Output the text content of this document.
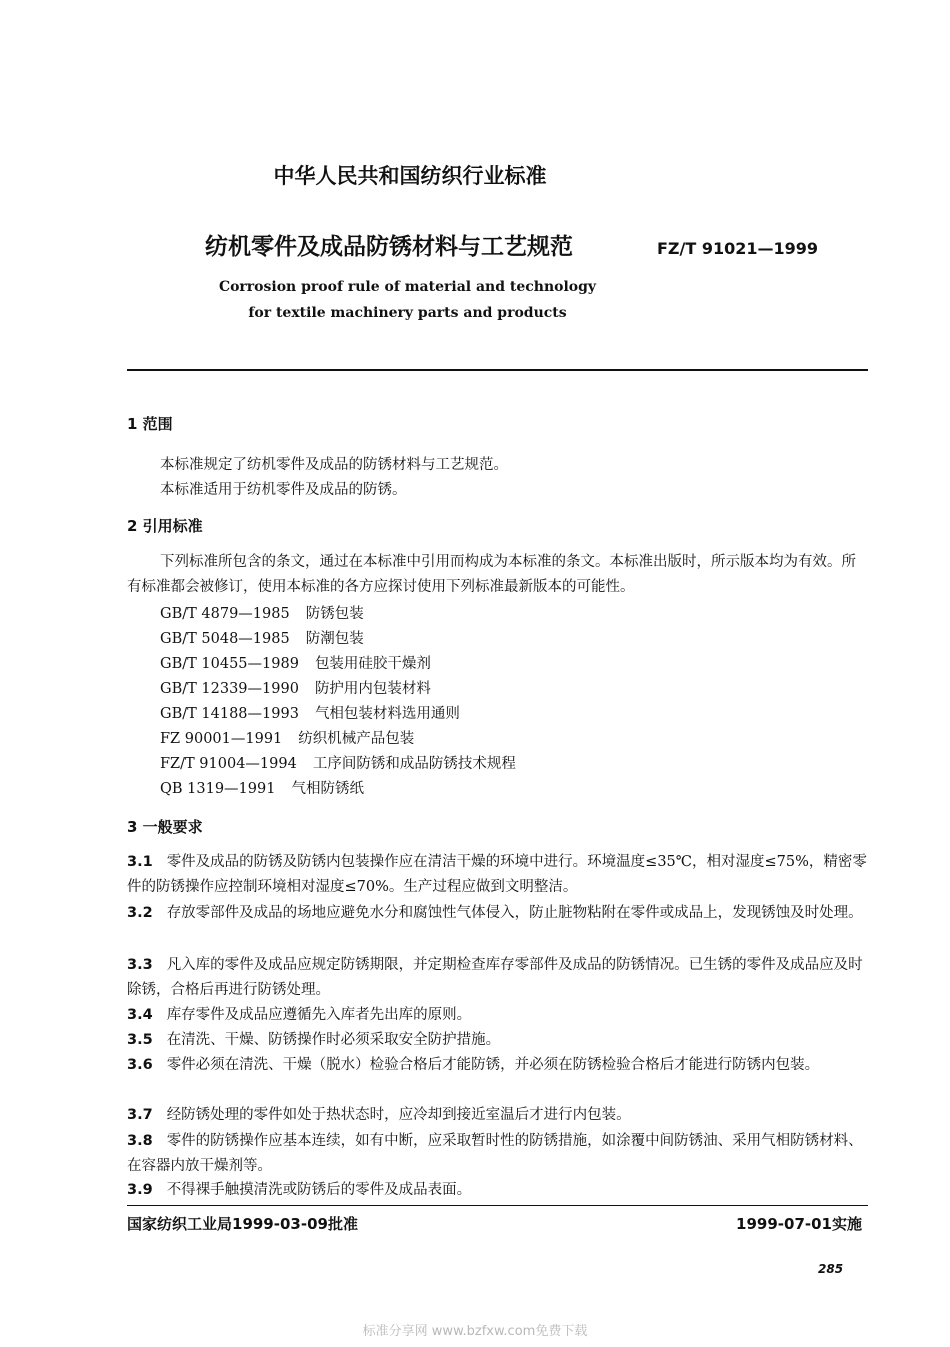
中华人民共和国纺织行业标准
纺机零件及成品防锈材料与工艺规范	FZ/T 91021—1999
Corrosion proof rule of material and technology
for textile machinery parts and products
1 范围
本标准规定了纺机零件及成品的防锈材料与工艺规范。
本标准适用于纺机零件及成品的防锈。
2 引用标准
下列标准所包含的条文，通过在本标准中引用而构成为本标准的条文。本标准出版时，所示版本均为有效。所有标准都会被修订，使用本标准的各方应探讨使用下列标准最新版本的可能性。
GB/T 4879—1985 防锈包装
GB/T 5048—1985 防潮包装
GB/T 10455—1989 包装用硅胶干燥剂
GB/T 12339—1990 防护用内包装材料
GB/T 14188—1993 气相包装材料选用通则
FZ 90001—1991 纺织机械产品包装
FZ/T 91004—1994 工序间防锈和成品防锈技术规程
QB 1319—1991 气相防锈纸
3 一般要求
3.1 零件及成品的防锈及防锈内包装操作应在清洁干燥的环境中进行。环境温度≤35℃，相对湿度≤75%，精密零件的防锈操作应控制环境相对湿度≤70%。生产过程应做到文明整洁。
3.2 存放零部件及成品的场地应避免水分和腐蚀性气体侵入，防止脏物粘附在零件或成品上，发现锈蚀及时处理。
3.3 凡入库的零件及成品应规定防锈期限，并定期检查库存零部件及成品的防锈情况。已生锈的零件及成品应及时除锈，合格后再进行防锈处理。
3.4 库存零件及成品应遵循先入库者先出库的原则。
3.5 在清洗、干燥、防锈操作时必须采取安全防护措施。
3.6 零件必须在清洗、干燥（脱水）检验合格后才能防锈，并必须在防锈检验合格后才能进行防锈内包装。
3.7 经防锈处理的零件如处于热状态时，应冷却到接近室温后才进行内包装。
3.8 零件的防锈操作应基本连续，如有中断，应采取暂时性的防锈措施，如涂覆中间防锈油、采用气相防锈材料、在容器内放干燥剂等。
3.9 不得裸手触摸清洗或防锈后的零件及成品表面。
国家纺织工业局1999-03-09批准	1999-07-01实施
285
标准分享网 www.bzfxw.com免费下载
